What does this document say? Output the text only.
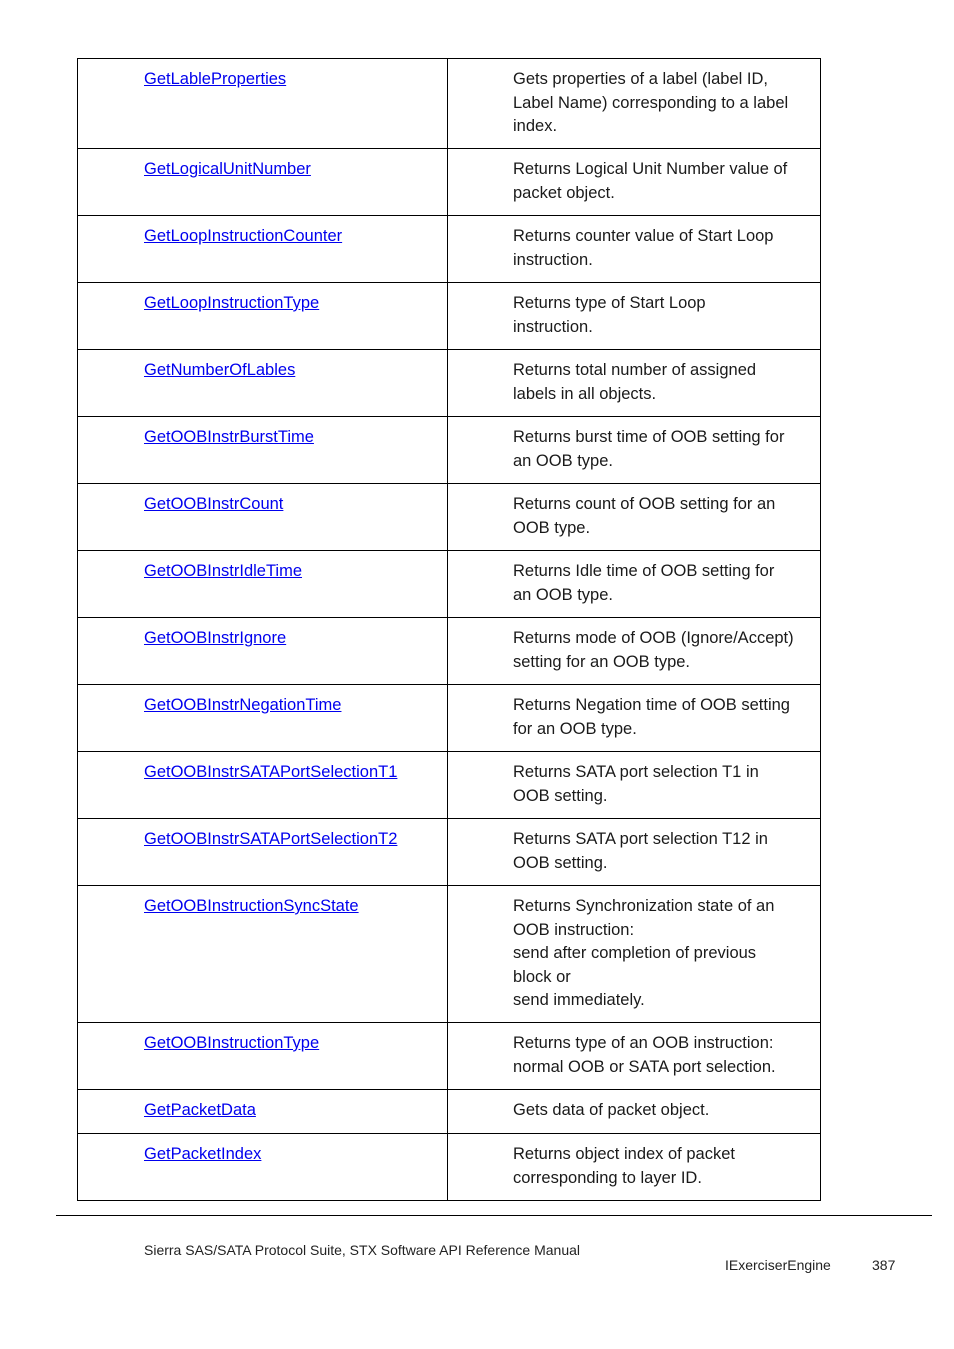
GetLableProperties	Gets properties of a label (label ID,
Label Name) corresponding to a label
index.

GetLogicalUnitNumber	Returns Logical Unit Number value of
packet object.

GetLoopInstructionCounter	Returns counter value of Start Loop
instruction.

GetLoopInstructionType	Returns type of Start Loop
instruction.

GetNumberOfLables	Returns total number of assigned
labels in all objects.

GetOOBInstrBurstTime	Returns burst time of OOB setting for
an OOB type.

GetOOBInstrCount	Returns count of OOB setting for an
OOB type.

GetOOBInstrIdleTime	Returns Idle time of OOB setting for
an OOB type.

GetOOBInstrIgnore	Returns mode of OOB (Ignore/Accept)
setting for an OOB type.

GetOOBInstrNegationTime	Returns Negation time of OOB setting
for an OOB type.

GetOOBInstrSATAPortSelectionT1	Returns SATA port selection T1 in
OOB setting.

GetOOBInstrSATAPortSelectionT2	Returns SATA port selection T12 in
OOB setting.

GetOOBInstructionSyncState	Returns Synchronization state of an
OOB instruction:
send after completion of previous
block or
send immediately.

GetOOBInstructionType	Returns type of an OOB instruction:
normal OOB or SATA port selection.

GetPacketData	Gets data of packet object.

GetPacketIndex	Returns object index of packet
corresponding to layer ID.
Sierra SAS/SATA Protocol Suite, STX Software API Reference Manual
IExerciserEngine	387
